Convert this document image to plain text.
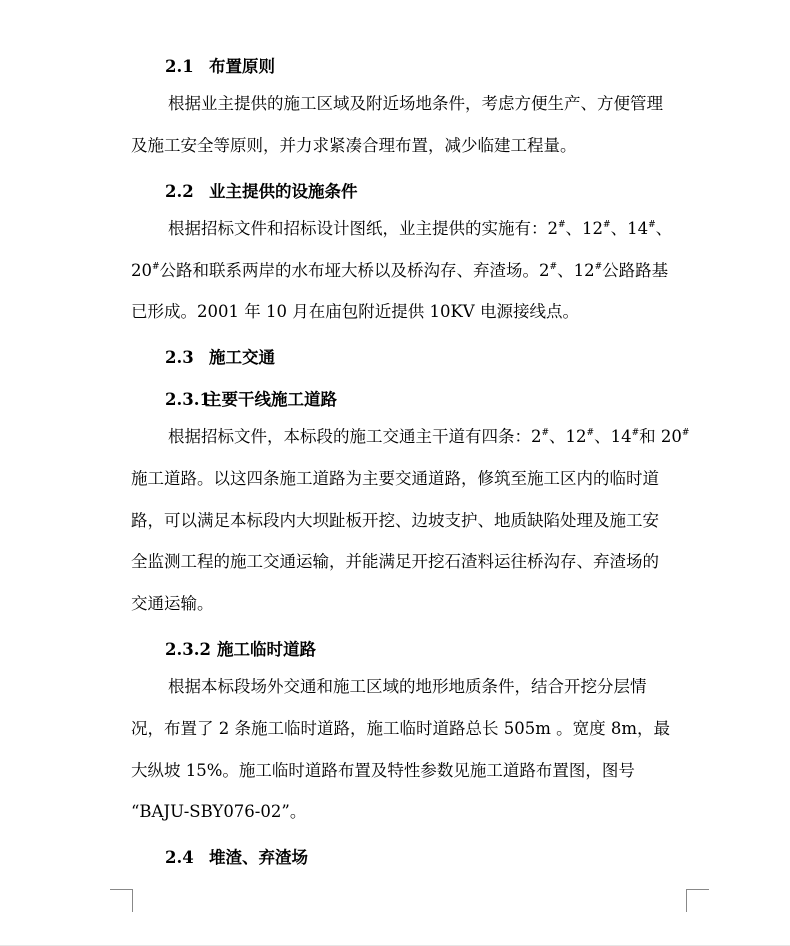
2.1 布置原则
根据业主提供的施工区域及附近场地条件，考虑方便生产、方便管理
及施工安全等原则，并力求紧凑合理布置，减少临建工程量。
2.2 业主提供的设施条件
根据招标文件和招标设计图纸，业主提供的实施有：2#、12#、14#、
20#公路和联系两岸的水布垭大桥以及桥沟存、弃渣场。2#、12#公路路基
已形成。2001 年 10 月在庙包附近提供 10KV 电源接线点。
2.3 施工交通
2.3.1主要干线施工道路
根据招标文件，本标段的施工交通主干道有四条：2#、12#、14#和 20#
施工道路。以这四条施工道路为主要交通道路，修筑至施工区内的临时道
路，可以满足本标段内大坝趾板开挖、边坡支护、地质缺陷处理及施工安
全监测工程的施工交通运输，并能满足开挖石渣料运往桥沟存、弃渣场的
交通运输。
2.3.2 施工临时道路
根据本标段场外交通和施工区域的地形地质条件，结合开挖分层情
况，布置了 2 条施工临时道路，施工临时道路总长 505m 。宽度 8m，最
大纵坡 15%。施工临时道路布置及特性参数见施工道路布置图，图号
“BAJU-SBY076-02”。
2.4 堆渣、弃渣场
